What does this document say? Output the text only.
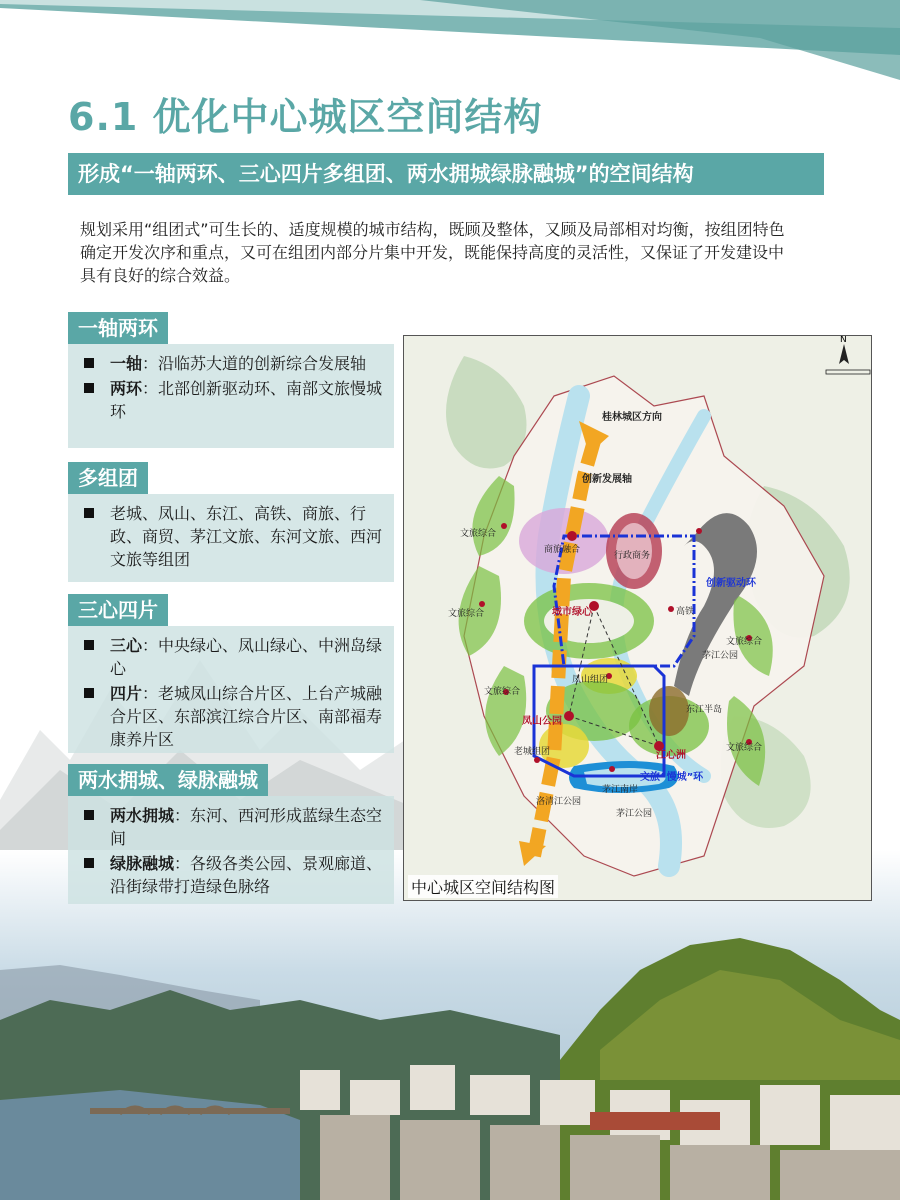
6.1 优化中心城区空间结构
形成“一轴两环、三心四片多组团、两水拥城绿脉融城”的空间结构
规划采用“组团式”可生长的、适度规模的城市结构，既顾及整体，又顾及局部相对均衡，按组团特色确定开发次序和重点，又可在组团内部分片集中开发，既能保持高度的灵活性，又保证了开发建设中具有良好的综合效益。
一轴两环
一轴：沿临苏大道的创新综合发展轴
两环：北部创新驱动环、南部文旅慢城环
多组团
老城、凤山、东江、高铁、商旅、行政、商贸、茅江文旅、东河文旅、西河文旅等组团
三心四片
三心：中央绿心、凤山绿心、中洲岛绿心
四片：老城凤山综合片区、上台产城融合片区、东部滨江综合片区、南部福寿康养片区
两水拥城、绿脉融城
两水拥城：东河、西河形成蓝绿生态空间
绿脉融城：各级各类公园、景观廊道、沿街绿带打造绿色脉络
N
桂林城区方向
创新发展轴
商旅融合
行政商务
创新驱动环
文旅综合
文旅综合
文旅综合
文旅综合
文旅综合
城市绿心	高铁
凤山组团
凤山公园
东江半岛
江心洲
老城组团
文旅“慢城”环
茅江南岸
茅江公园
茅江公园
洛清江公园
中心城区空间结构图
